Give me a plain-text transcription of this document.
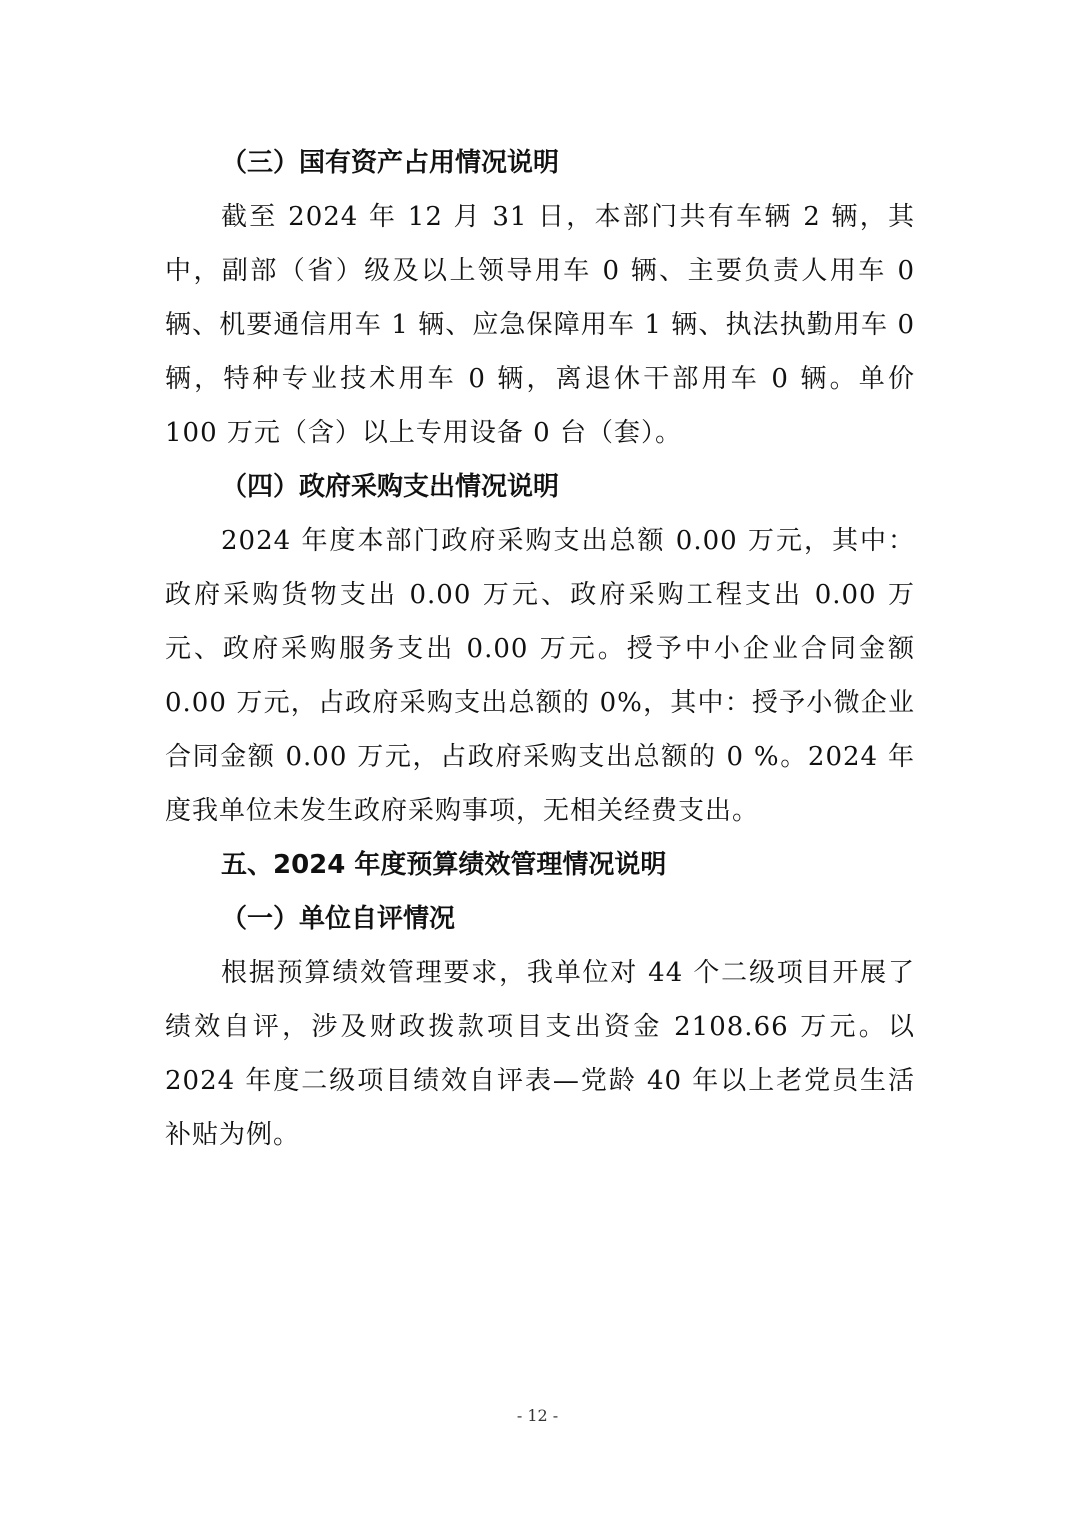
（三）国有资产占用情况说明

截至 2024 年 12 月 31 日，本部门共有车辆 2 辆，其中，副部（省）级及以上领导用车 0 辆、主要负责人用车 0 辆、机要通信用车 1 辆、应急保障用车 1 辆、执法执勤用车 0 辆，特种专业技术用车 0 辆，离退休干部用车 0 辆。单价 100 万元（含）以上专用设备 0 台（套）。

（四）政府采购支出情况说明

2024 年度本部门政府采购支出总额 0.00 万元，其中：政府采购货物支出 0.00 万元、政府采购工程支出 0.00 万元、政府采购服务支出 0.00 万元。授予中小企业合同金额 0.00 万元，占政府采购支出总额的 0%，其中：授予小微企业合同金额 0.00 万元，占政府采购支出总额的 0 %。2024 年度我单位未发生政府采购事项，无相关经费支出。

五、2024 年度预算绩效管理情况说明

（一）单位自评情况

根据预算绩效管理要求，我单位对 44 个二级项目开展了绩效自评，涉及财政拨款项目支出资金 2108.66 万元。以 2024 年度二级项目绩效自评表—党龄 40 年以上老党员生活补贴为例。

- 12 -
